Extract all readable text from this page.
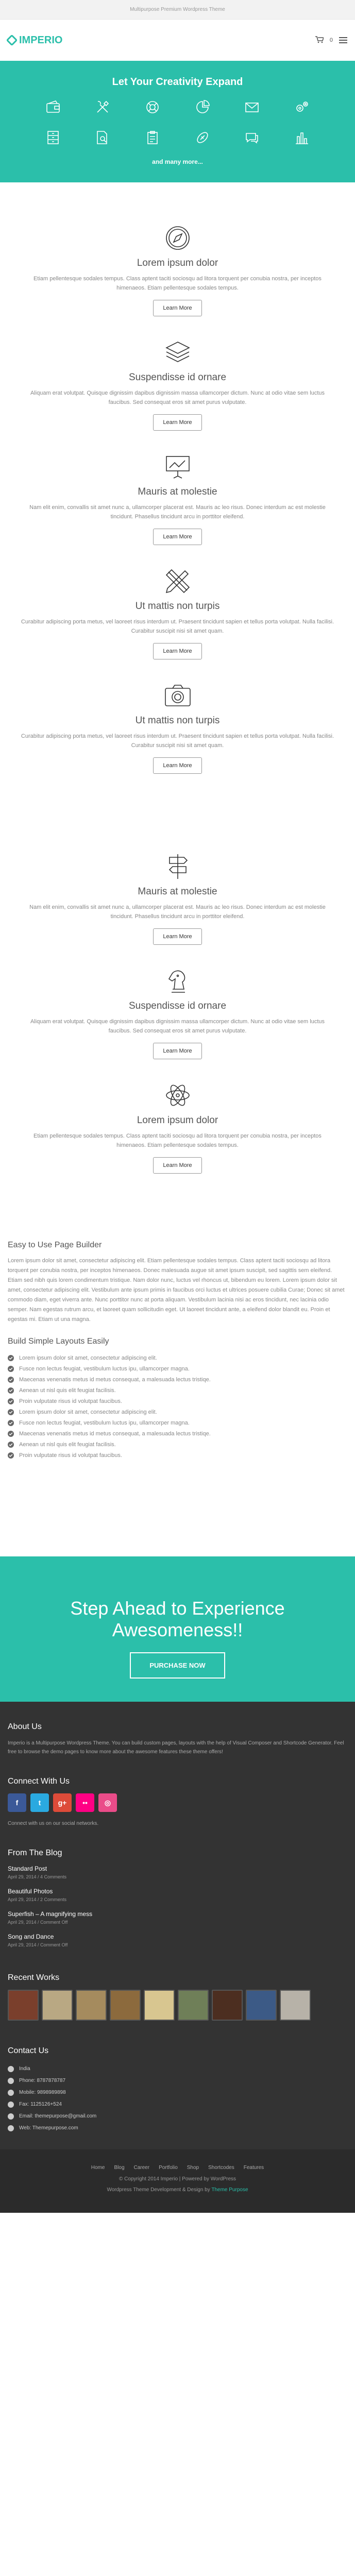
Multipurpose Premium Wordpress Theme
IMPERIO	0
Let Your Creativity Expand
and many more...
Lorem ipsum dolor

Etiam pellentesque sodales tempus. Class aptent taciti sociosqu ad litora torquent per conubia nostra, per inceptos himenaeos. Etiam pellentesque sodales tempus.

Learn More
Suspendisse id ornare

Aliquam erat volutpat. Quisque dignissim dapibus dignissim massa ullamcorper dictum. Nunc at odio vitae sem luctus faucibus. Sed consequat eros sit amet purus vulputate.

Learn More
Mauris at molestie

Nam elit enim, convallis sit amet nunc a, ullamcorper placerat est. Mauris ac leo risus. Donec interdum ac est molestie tincidunt. Phasellus tincidunt arcu in porttitor eleifend.

Learn More
Ut mattis non turpis

Curabitur adipiscing porta metus, vel laoreet risus interdum ut. Praesent tincidunt sapien et tellus porta volutpat. Nulla facilisi. Curabitur suscipit nisi sit amet quam.

Learn More
Ut mattis non turpis

Curabitur adipiscing porta metus, vel laoreet risus interdum ut. Praesent tincidunt sapien et tellus porta volutpat. Nulla facilisi. Curabitur suscipit nisi sit amet quam.

Learn More
Mauris at molestie

Nam elit enim, convallis sit amet nunc a, ullamcorper placerat est. Mauris ac leo risus. Donec interdum ac est molestie tincidunt. Phasellus tincidunt arcu in porttitor eleifend.

Learn More
Suspendisse id ornare

Aliquam erat volutpat. Quisque dignissim dapibus dignissim massa ullamcorper dictum. Nunc at odio vitae sem luctus faucibus. Sed consequat eros sit amet purus vulputate.

Learn More
Lorem ipsum dolor

Etiam pellentesque sodales tempus. Class aptent taciti sociosqu ad litora torquent per conubia nostra, per inceptos himenaeos. Etiam pellentesque sodales tempus.

Learn More
Easy to Use Page Builder

Lorem ipsum dolor sit amet, consectetur adipiscing elit. Etiam pellentesque sodales tempus. Class aptent taciti sociosqu ad litora torquent per conubia nostra, per inceptos himenaeos. Donec malesuada augue sit amet ipsum suscipit, sed sagittis sem eleifend. Etiam sed nibh quis lorem condimentum tristique. Nam dolor nunc, luctus vel rhoncus ut, bibendum eu lorem. Lorem ipsum dolor sit amet, consectetur adipiscing elit. Vestibulum ante ipsum primis in faucibus orci luctus et ultrices posuere cubilia Curae; Donec sit amet commodo diam, eget viverra ante. Nunc porttitor nunc at porta aliquam. Vestibulum lacinia nisi ac eros tincidunt, nec lacinia odio semper. Nam egestas rutrum arcu, et laoreet quam sollicitudin eget. Ut laoreet tincidunt ante, a eleifend dolor blandit eu. Proin et egestas mi. Etiam ut una magna.

Build Simple Layouts Easily
Lorem ipsum dolor sit amet, consectetur adipiscing elit.
Fusce non lectus feugiat, vestibulum luctus ipu, ullamcorper magna.
Maecenas venenatis metus id metus consequat, a malesuada lectus tristiqe.
Aenean ut nisl quis elit feugiat facilisis.
Proin vulputate risus id volutpat faucibus.
Lorem ipsum dolor sit amet, consectetur adipiscing elit.
Fusce non lectus feugiat, vestibulum luctus ipu, ullamcorper magna.
Maecenas venenatis metus id metus consequat, a malesuada lectus tristiqe.
Aenean ut nisl quis elit feugiat facilisis.
Proin vulputate risus id volutpat faucibus.
Step Ahead to Experience Awesomeness!!
PURCHASE NOW
About Us

Imperio is a Multipurpose Wordpress Theme. You can build custom pages, layouts with the help of Visual Composer and Shortcode Generator. Feel free to browse the demo pages to know more about the awesome features these theme offers!

Connect With Us
f	t	g+	••	◎

Connect with us on our social networks.

From The Blog
Standard Post
April 29, 2014 / 4 Comments
Beautiful Photos
April 29, 2014 / 2 Comments
Superfish – A magnifying mess
April 29, 2014 / Comment Off
Song and Dance
April 29, 2014 / Comment Off
Recent Works
Contact Us
India
Phone: 8787878787
Mobile: 9898989898
Fax: 1125126+524
Email: themepurpose@gmail.com
Web: Themepurpose.com
Home Blog Career Portfolio Shop Shortcodes Features

© Copyright 2014 Imperio | Powered by WordPress

Wordpress Theme Development & Design by Theme Purpose
